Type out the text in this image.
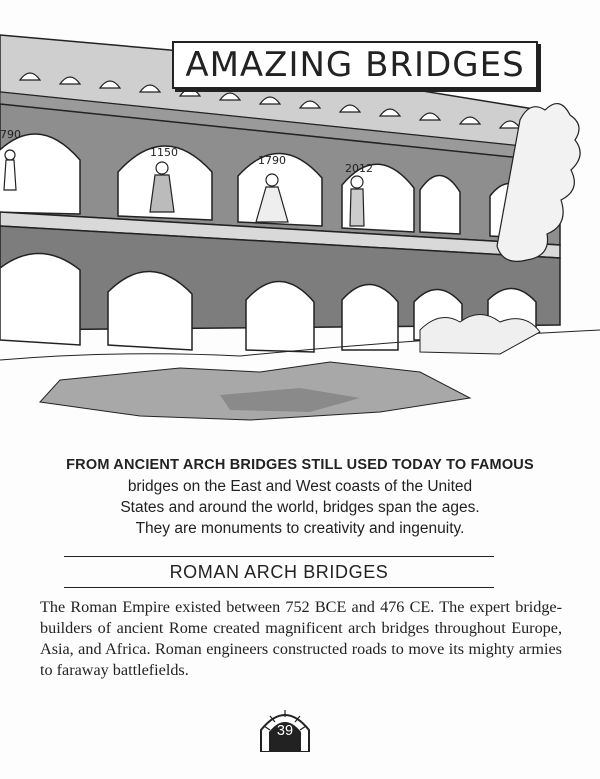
790
1150
1790
2012
AMAZING BRIDGES
FROM ANCIENT ARCH BRIDGES STILL USED TODAY TO FAMOUS
bridges on the East and West coasts of the United
States and around the world, bridges span the ages.
They are monuments to creativity and ingenuity.
ROMAN ARCH BRIDGES

The Roman Empire existed between 752 BCE and 476 CE. The expert bridge-builders of ancient Rome created magnificent arch bridges throughout Europe, Asia, and Africa. Roman engineers constructed roads to move its mighty armies to faraway battlefields.

39
